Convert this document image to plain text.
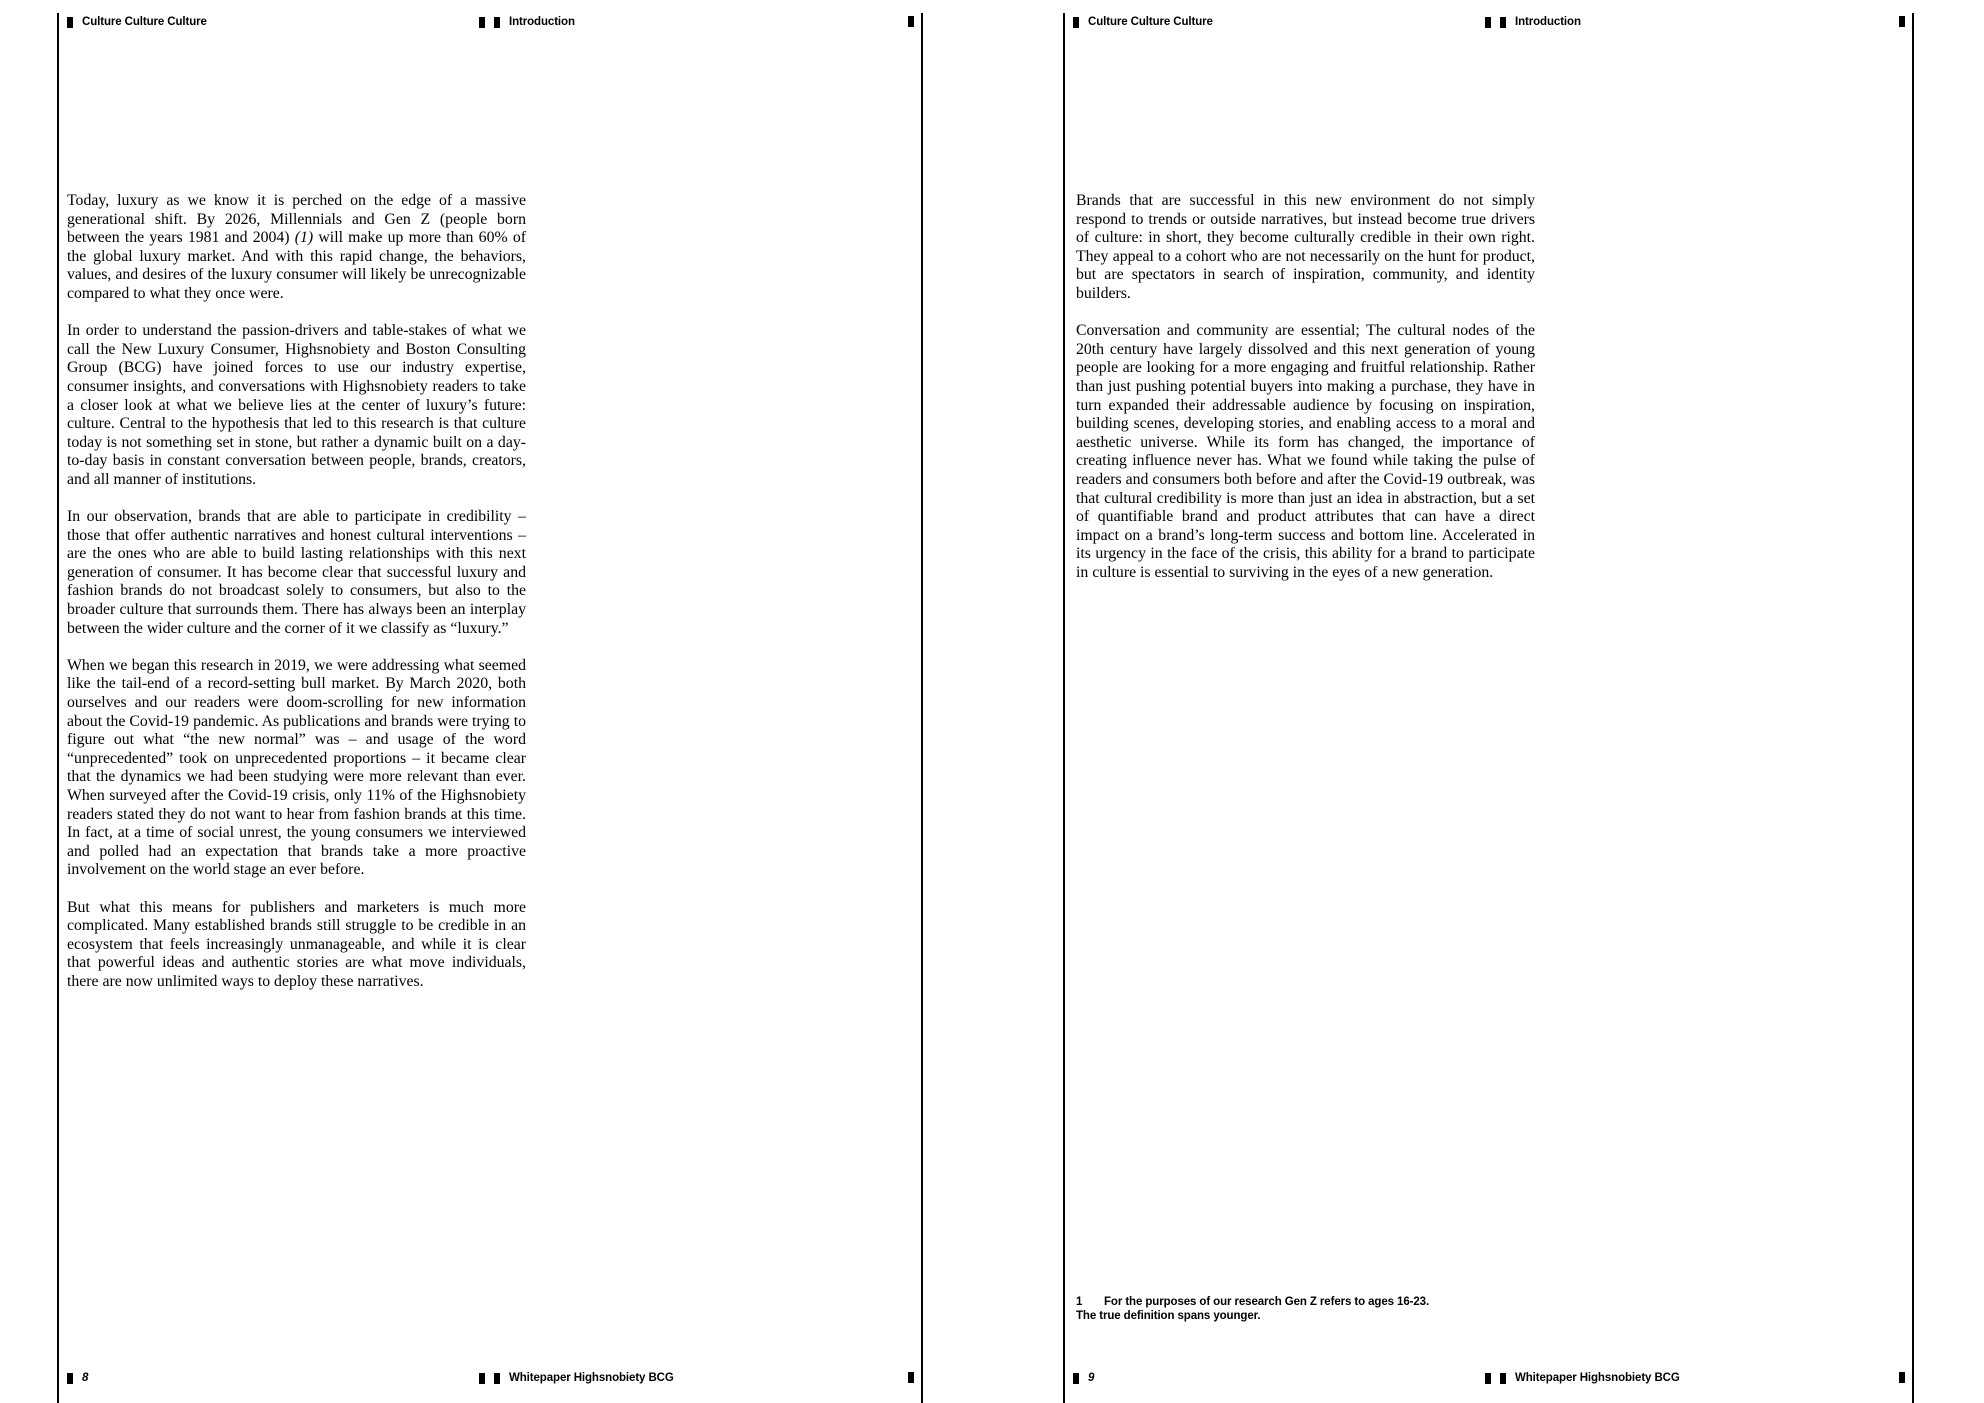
Culture Culture Culture	Introduction

Today, luxury as we know it is perched on the edge of a massive generational shift. By 2026, Millennials and Gen Z (people born between the years 1981 and 2004) (1) will make up more than 60% of the global luxury market. And with this rapid change, the behaviors, values, and desires of the luxury consumer will likely be unrecognizable compared to what they once were.

In order to understand the passion-drivers and table-stakes of what we call the New Luxury Consumer, Highsnobiety and Boston Consulting Group (BCG) have joined forces to use our industry expertise, consumer insights, and conversations with Highsnobiety readers to take a closer look at what we believe lies at the center of luxury’s future: culture. Central to the hypothesis that led to this research is that culture today is not something set in stone, but rather a dynamic built on a day-to-day basis in constant conversation between people, brands, creators, and all manner of institutions.

In our observation, brands that are able to participate in credibility – those that offer authentic narratives and honest cultural interventions – are the ones who are able to build lasting relationships with this next generation of consumer. It has become clear that successful luxury and fashion brands do not broadcast solely to consumers, but also to the broader culture that surrounds them. There has always been an interplay between the wider culture and the corner of it we classify as “luxury.”

When we began this research in 2019, we were addressing what seemed like the tail-end of a record-setting bull market. By March 2020, both ourselves and our readers were doom-scrolling for new information about the Covid-19 pandemic. As publications and brands were trying to figure out what “the new normal” was – and usage of the word “unprecedented” took on unprecedented proportions – it became clear that the dynamics we had been studying were more relevant than ever. When surveyed after the Covid-19 crisis, only 11% of the Highsnobiety readers stated they do not want to hear from fashion brands at this time. In fact, at a time of social unrest, the young consumers we interviewed and polled had an expectation that brands take a more proactive involvement on the world stage an ever before.

But what this means for publishers and marketers is much more complicated. Many established brands still struggle to be credible in an ecosystem that feels increasingly unmanageable, and while it is clear that powerful ideas and authentic stories are what move individuals, there are now unlimited ways to deploy these narratives.

8	Whitepaper Highsnobiety BCG
Culture Culture Culture	Introduction

Brands that are successful in this new environment do not simply respond to trends or outside narratives, but instead become true drivers of culture: in short, they become culturally credible in their own right. They appeal to a cohort who are not necessarily on the hunt for product, but are spectators in search of inspiration, community, and identity builders.

Conversation and community are essential; The cultural nodes of the 20th century have largely dissolved and this next generation of young people are looking for a more engaging and fruitful relationship. Rather than just pushing potential buyers into making a purchase, they have in turn expanded their addressable audience by focusing on inspiration, building scenes, developing stories, and enabling access to a moral and aesthetic universe. While its form has changed, the importance of creating influence never has. What we found while taking the pulse of readers and consumers both before and after the Covid-19 outbreak, was that cultural credibility is more than just an idea in abstraction, but a set of quantifiable brand and product attributes that can have a direct impact on a brand’s long-term success and bottom line. Accelerated in its urgency in the face of the crisis, this ability for a brand to participate in culture is essential to surviving in the eyes of a new generation.

1 For the purposes of our research Gen Z refers to ages 16-23.
The true definition spans younger.
9	Whitepaper Highsnobiety BCG
